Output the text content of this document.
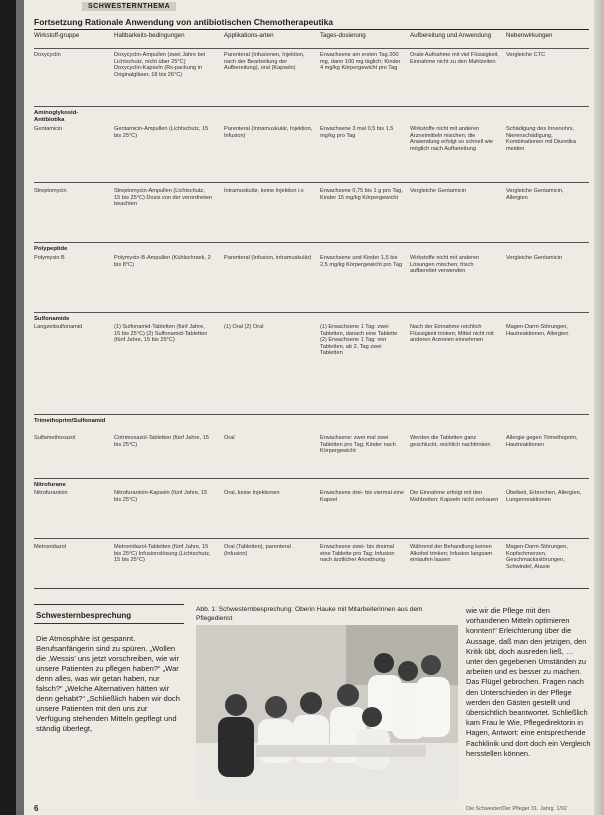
SCHWESTERNTHEMA
Fortsetzung Rationale Anwendung von antibiotischen Chemotherapeutika
Wirkstoff-gruppe	Haltbarkeits-bedingungen	Applikations-arten	Tages-dosierung	Aufbereitung und Anwendung	Nebenwirkungen
Doxycyclin	Doxycyclin-Ampullen (zwei Jahre bei Lichtschutz, nicht über 25°C) Doxycyclin-Kapseln (Rx-packung in Originalgläser, 18 bis 26°C)
Parenteral (Infusionen, Injektion, nach der Bearbeitung der Aufbereitung), oral (Kapseln)
Erwachsene am ersten Tag 200 mg, dann 100 mg täglich; Kinder 4 mg/kg Körpergewicht pro Tag
Orale Aufnahme mit viel Flüssigkeit, Einnahme nicht zu den Mahlzeiten
Vergleiche CTC
Aminoglykosid-Antibiotika
Gentamicin	Gentamicin-Ampullen (Lichtschutz, 15 bis 25°C)
Parenteral (Intramuskulär, Injektion, Infusion)
Erwachsene 3 mal 0,5 bis 1,5 mg/kg pro Tag
Wirkstoffe nicht mit anderen Arzneimitteln mischen; die Anwendung erfolgt so schnell wie möglich nach Aufbereitung
Schädigung des Innenohrs, Nierenschädigung, Kombinationen mit Diuretika meiden
Streptomycin	Streptomycin-Ampullen (Lichtschutz, 15 bis 25°C) Dosis von der verordneten beachten
Intramuskulär, keine Injektion i.v.	Erwachsene 0,75 bis 1 g pro Tag, Kinder 15 mg/kg Körpergewicht
Vergleiche Gentamicin	Vergleiche Gentamicin, Allergien
Polypeptide
Polymyxin B	Polymyxin-B-Ampullen (Kühlschrank, 2 bis 8°C)
Parenteral (Infusion, intramuskulär)	Erwachsene und Kinder 1,5 bis 2,5 mg/kg Körpergewicht pro Tag
Wirkstoffe nicht mit anderen Lösungen mischen; frisch aufbereitet verwenden
Vergleiche Gentamicin
Sulfonamide
Langzeitsulfonamid	(1) Sulfonamid-Tabletten (fünf Jahre, 15 bis 25°C) (2) Sulfonamid-Tabletten (fünf Jahre, 15 bis 25°C)
(1) Oral (2) Oral	(1) Erwachsene 1 Tag: zwei Tabletten, danach eine Tablette (2) Erwachsene 1 Tag: vier Tabletten, ab 2. Tag zwei Tabletten
Nach der Einnahme reichlich Flüssigkeit trinken; Mittel nicht mit anderen Arzneien einnehmen
Magen-Darm-Störungen, Hautreaktionen, Allergien
Trimethoprim/Sulfonamid
Sulfamethoxazol	Cotrimoxazol-Tabletten (fünf Jahre, 15 bis 25°C)
Oral	Erwachsene: zwei mal zwei Tabletten pro Tag; Kinder nach Körpergewicht
Werden die Tabletten ganz geschluckt, reichlich nachtrinken
Allergie gegen Trimethoprim, Hautreaktionen
Nitrofurane
Nitrofurantoin	Nitrofurantoin-Kapseln (fünf Jahre, 15 bis 25°C)
Oral, keine Injektionen	Erwachsene drei- bis viermal eine Kapsel
Die Einnahme erfolgt mit den Mahlzeiten; Kapseln nicht zerkauen
Übelkeit, Erbrechen, Allergien, Lungenreaktionen
Metronidazol	Metronidazol-Tabletten (fünf Jahre, 15 bis 25°C) Infusionslösung (Lichtschutz, 15 bis 25°C)
Oral (Tabletten), parenteral (Infusion)
Erwachsene zwei- bis dreimal eine Tablette pro Tag; Infusion nach ärztlicher Anordnung
Während der Behandlung keinen Alkohol trinken; Infusion langsam einlaufen lassen
Magen-Darm-Störungen, Kopfschmerzen, Geschmacksstörungen, Schwindel, Ataxie
Schwesternbesprechung
Die Atmosphäre ist gespannt. Berufsanfängerin sind zu spüren. „Wollen die ‚Wessis' uns jetzt vorschreiben, wie wir unsere Patienten zu pflegen haben?“ „War denn alles, was wir getan haben, nur falsch?“ „Welche Alternativen hätten wir denn gehabt?“ „Schließlich haben wir doch unsere Patienten mit den uns zur Verfügung stehenden Mitteln gepflegt und ständig überlegt,
Abb. 1: Schwesternbesprechung: Oberin Hauke mit Mitarbeiterinnen aus dem Pflegedienst
wie wir die Pflege mit den vorhandenen Mitteln optimieren konnten!“ Erleichterung über die Aussage, daß man den jetzigen, den Kritik übt, doch ausreden ließ, … unter den gegebenen Umständen zu arbeiten und es besser zu machen. Das Flügel gebrochen. Fragen nach den Unterschieden in der Pflege werden den Gästen gestellt und übersichtlich beantwortet. Schließlich kam Frau le Wie, Pflegedirektorin in Hagen, Antwort: eine entsprechende Fachklinik und dort doch ein Vergleich hersstellen können.
6	Die Schwester/Der Pfleger 31. Jahrg. 1/92
